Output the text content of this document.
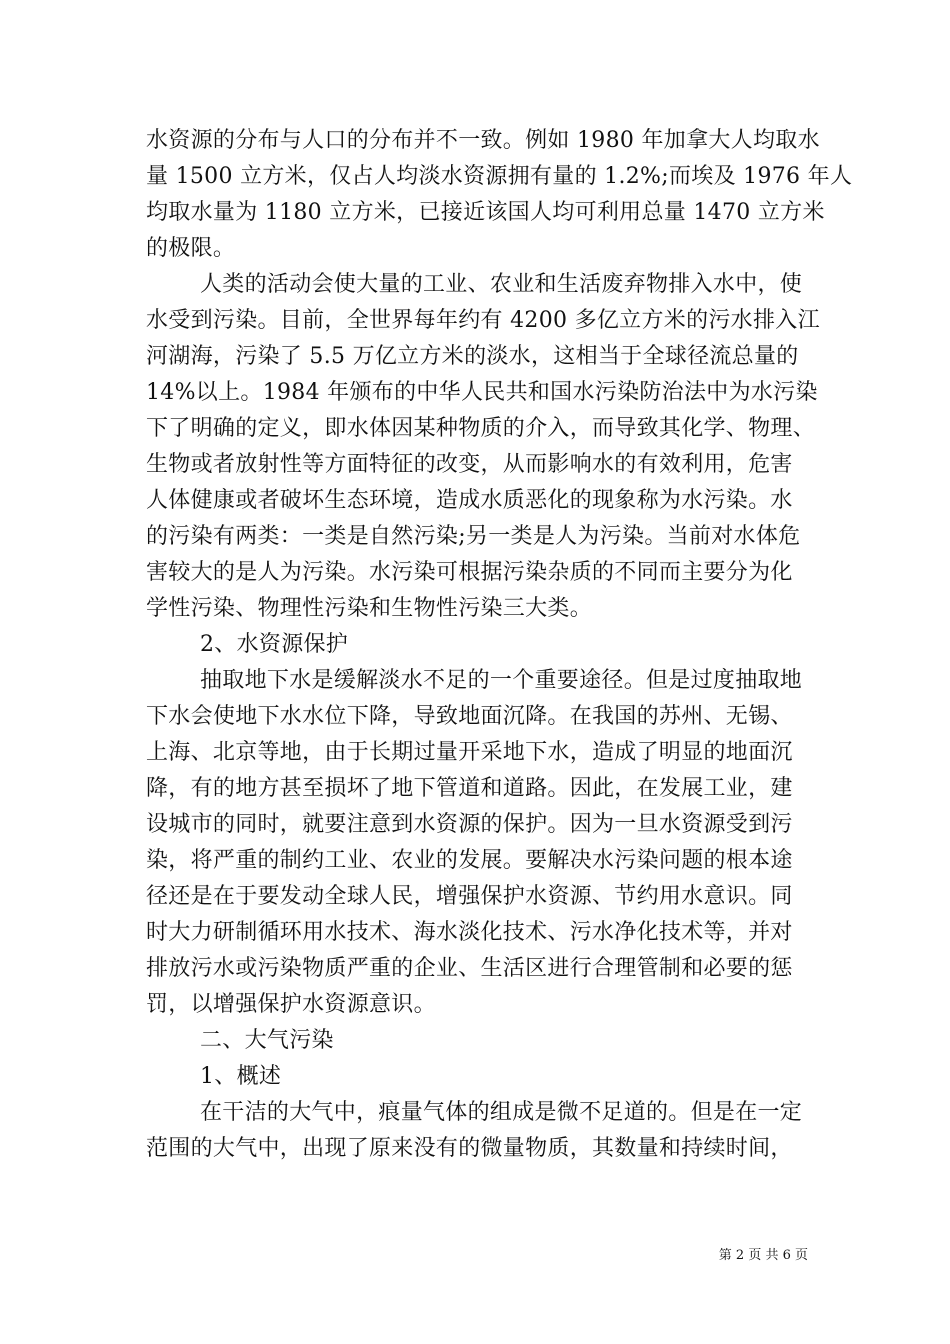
水资源的分布与人口的分布并不一致。例如 1980 年加拿大人均取水
量 1500 立方米，仅占人均淡水资源拥有量的 1.2%;而埃及 1976 年人
均取水量为 1180 立方米，已接近该国人均可利用总量 1470 立方米
的极限。
人类的活动会使大量的工业、农业和生活废弃物排入水中，使
水受到污染。目前，全世界每年约有 4200 多亿立方米的污水排入江
河湖海，污染了 5.5 万亿立方米的淡水，这相当于全球径流总量的
14%以上。1984 年颁布的中华人民共和国水污染防治法中为水污染
下了明确的定义，即水体因某种物质的介入，而导致其化学、物理、
生物或者放射性等方面特征的改变，从而影响水的有效利用，危害
人体健康或者破坏生态环境，造成水质恶化的现象称为水污染。水
的污染有两类：一类是自然污染;另一类是人为污染。当前对水体危
害较大的是人为污染。水污染可根据污染杂质的不同而主要分为化
学性污染、物理性污染和生物性污染三大类。
2、水资源保护
抽取地下水是缓解淡水不足的一个重要途径。但是过度抽取地
下水会使地下水水位下降，导致地面沉降。在我国的苏州、无锡、
上海、北京等地，由于长期过量开采地下水，造成了明显的地面沉
降，有的地方甚至损坏了地下管道和道路。因此，在发展工业，建
设城市的同时，就要注意到水资源的保护。因为一旦水资源受到污
染，将严重的制约工业、农业的发展。要解决水污染问题的根本途
径还是在于要发动全球人民，增强保护水资源、节约用水意识。同
时大力研制循环用水技术、海水淡化技术、污水净化技术等，并对
排放污水或污染物质严重的企业、生活区进行合理管制和必要的惩
罚，以增强保护水资源意识。
二、大气污染
1、概述
在干洁的大气中，痕量气体的组成是微不足道的。但是在一定
范围的大气中，出现了原来没有的微量物质，其数量和持续时间，
第 2 页 共 6 页
